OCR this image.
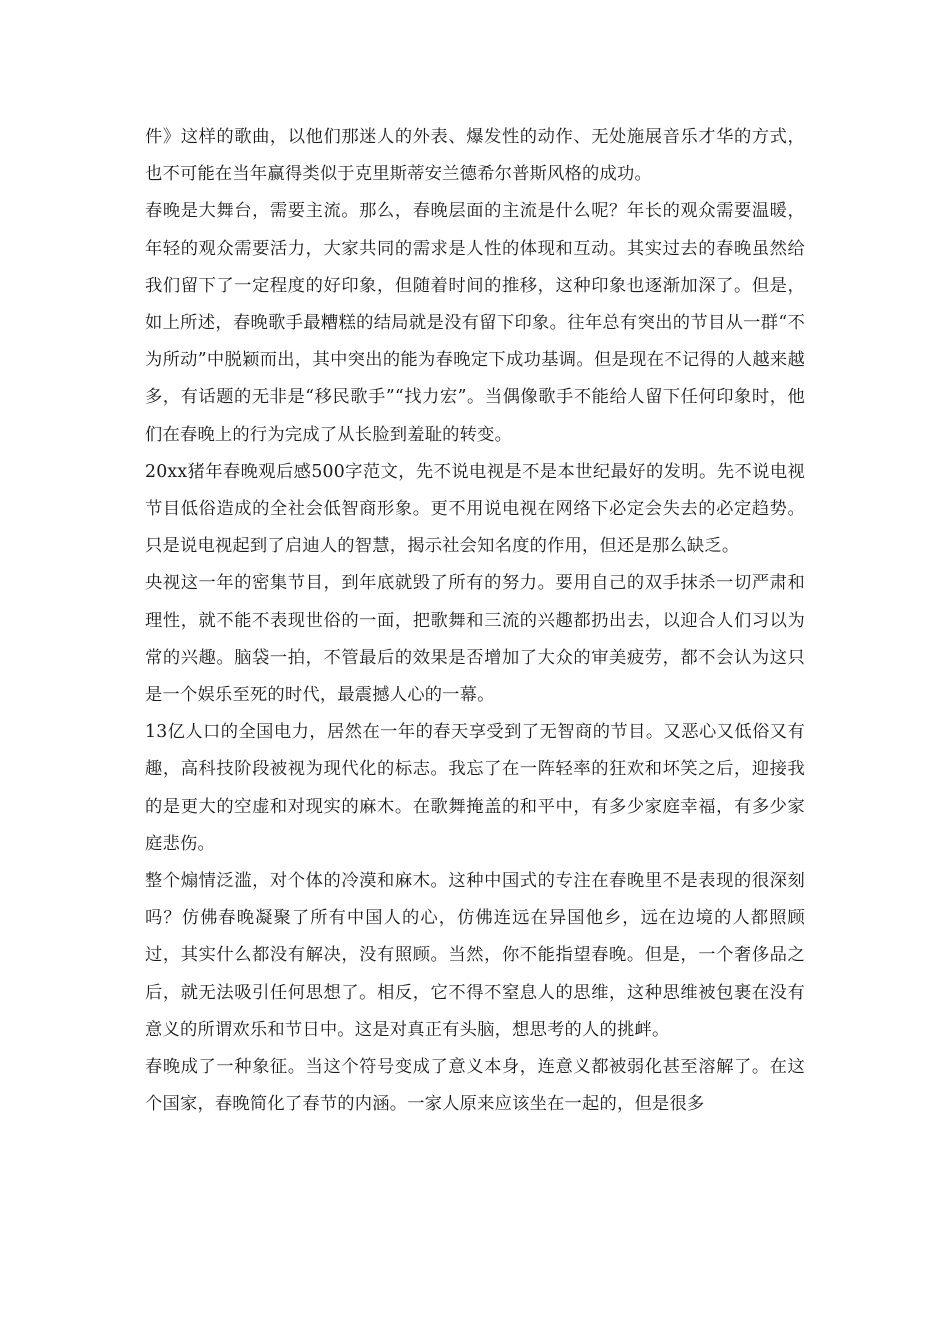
件》这样的歌曲，以他们那迷人的外表、爆发性的动作、无处施展音乐才华的方式，也不可能在当年赢得类似于克里斯蒂安兰德希尔普斯风格的成功。

春晚是大舞台，需要主流。那么，春晚层面的主流是什么呢？年长的观众需要温暖，年轻的观众需要活力，大家共同的需求是人性的体现和互动。其实过去的春晚虽然给我们留下了一定程度的好印象，但随着时间的推移，这种印象也逐渐加深了。但是，如上所述，春晚歌手最糟糕的结局就是没有留下印象。往年总有突出的节目从一群“不为所动”中脱颖而出，其中突出的能为春晚定下成功基调。但是现在不记得的人越来越多，有话题的无非是“移民歌手”“找力宏”。当偶像歌手不能给人留下任何印象时，他们在春晚上的行为完成了从长脸到羞耻的转变。

20xx猪年春晚观后感500字范文，先不说电视是不是本世纪最好的发明。先不说电视节目低俗造成的全社会低智商形象。更不用说电视在网络下必定会失去的必定趋势。只是说电视起到了启迪人的智慧，揭示社会知名度的作用，但还是那么缺乏。

央视这一年的密集节目，到年底就毁了所有的努力。要用自己的双手抹杀一切严肃和理性，就不能不表现世俗的一面，把歌舞和三流的兴趣都扔出去，以迎合人们习以为常的兴趣。脑袋一拍，不管最后的效果是否增加了大众的审美疲劳，都不会认为这只是一个娱乐至死的时代，最震撼人心的一幕。

13亿人口的全国电力，居然在一年的春天享受到了无智商的节目。又恶心又低俗又有趣，高科技阶段被视为现代化的标志。我忘了在一阵轻率的狂欢和坏笑之后，迎接我的是更大的空虚和对现实的麻木。在歌舞掩盖的和平中，有多少家庭幸福，有多少家庭悲伤。

整个煽情泛滥，对个体的冷漠和麻木。这种中国式的专注在春晚里不是表现的很深刻吗？仿佛春晚凝聚了所有中国人的心，仿佛连远在异国他乡，远在边境的人都照顾过，其实什么都没有解决，没有照顾。当然，你不能指望春晚。但是，一个奢侈品之后，就无法吸引任何思想了。相反，它不得不窒息人的思维，这种思维被包裹在没有意义的所谓欢乐和节日中。这是对真正有头脑，想思考的人的挑衅。

春晚成了一种象征。当这个符号变成了意义本身，连意义都被弱化甚至溶解了。在这个国家，春晚简化了春节的内涵。一家人原来应该坐在一起的，但是很多
